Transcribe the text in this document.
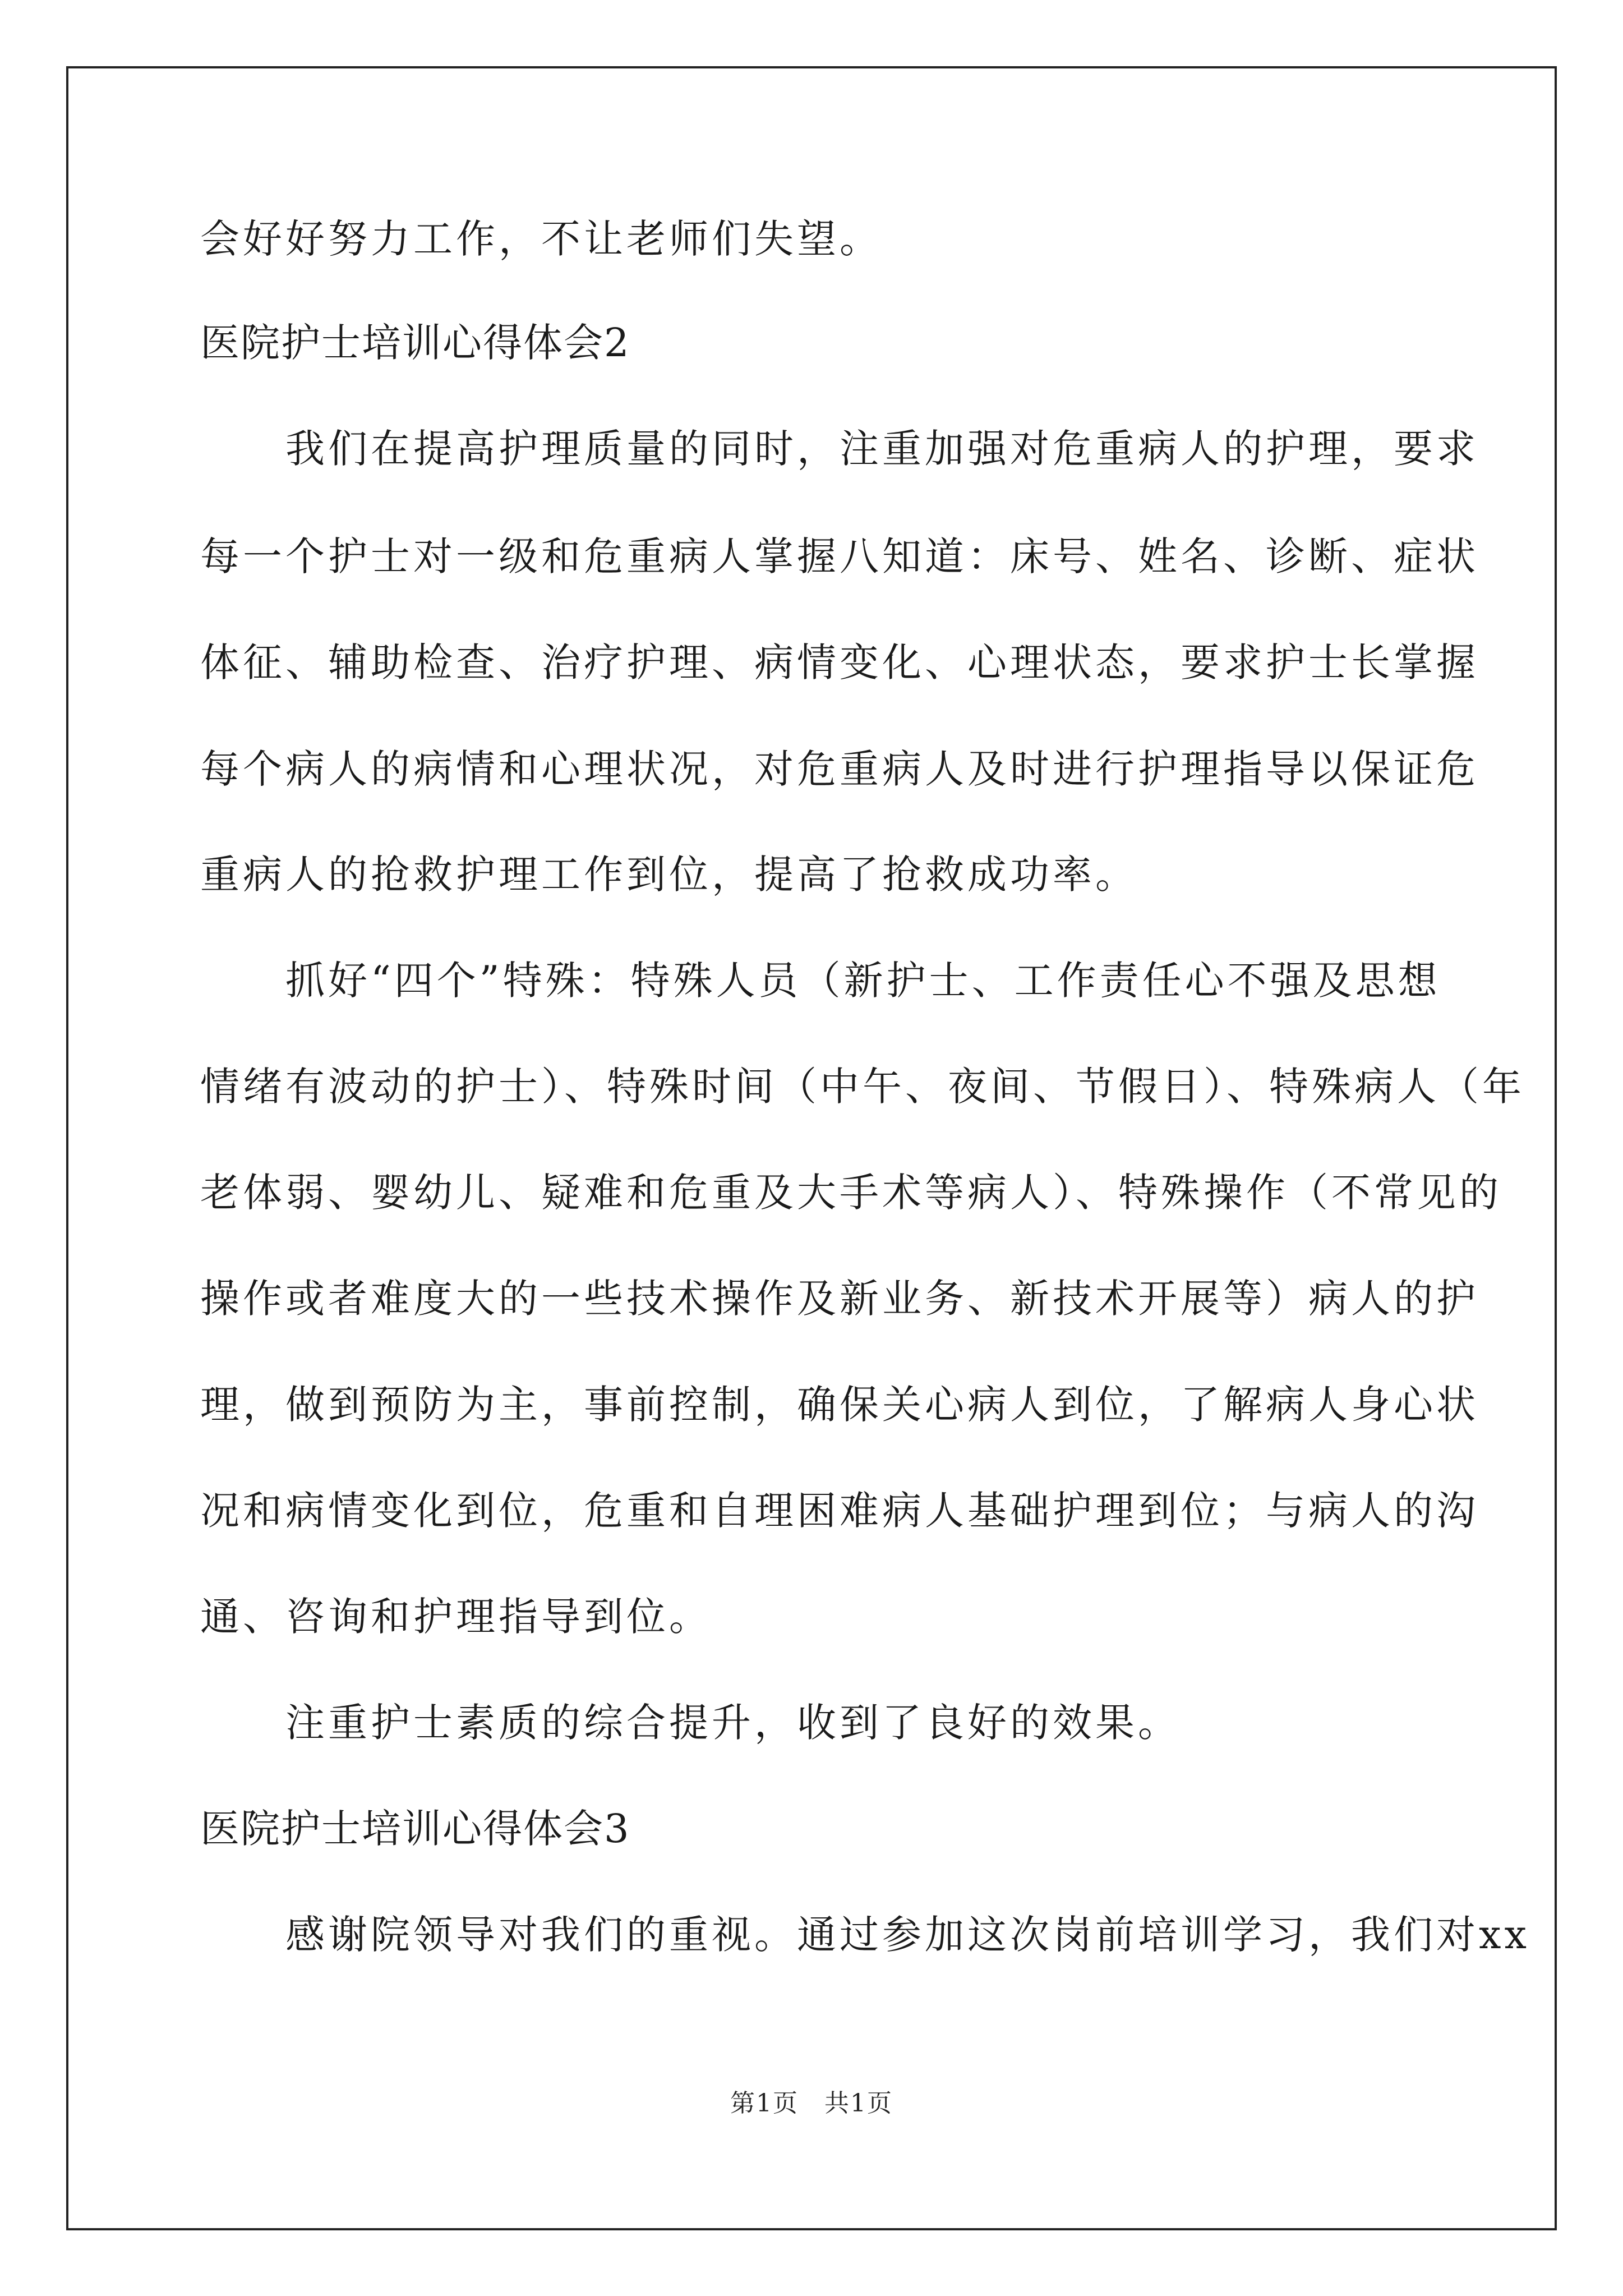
会好好努力工作，不让老师们失望。
医院护士培训心得体会2
　　我们在提高护理质量的同时，注重加强对危重病人的护理，要求
每一个护士对一级和危重病人掌握八知道：床号、姓名、诊断、症状
体征、辅助检查、治疗护理、病情变化、心理状态，要求护士长掌握
每个病人的病情和心理状况，对危重病人及时进行护理指导以保证危
重病人的抢救护理工作到位，提高了抢救成功率。
　　抓好“四个”特殊：特殊人员（新护士、工作责任心不强及思想
情绪有波动的护士）、特殊时间（中午、夜间、节假日）、特殊病人（年
老体弱、婴幼儿、疑难和危重及大手术等病人）、特殊操作（不常见的
操作或者难度大的一些技术操作及新业务、新技术开展等）病人的护
理，做到预防为主，事前控制，确保关心病人到位，了解病人身心状
况和病情变化到位，危重和自理困难病人基础护理到位；与病人的沟
通、咨询和护理指导到位。
　　注重护士素质的综合提升，收到了良好的效果。
医院护士培训心得体会3
　　感谢院领导对我们的重视。通过参加这次岗前培训学习，我们对xx
第1页　共1页
